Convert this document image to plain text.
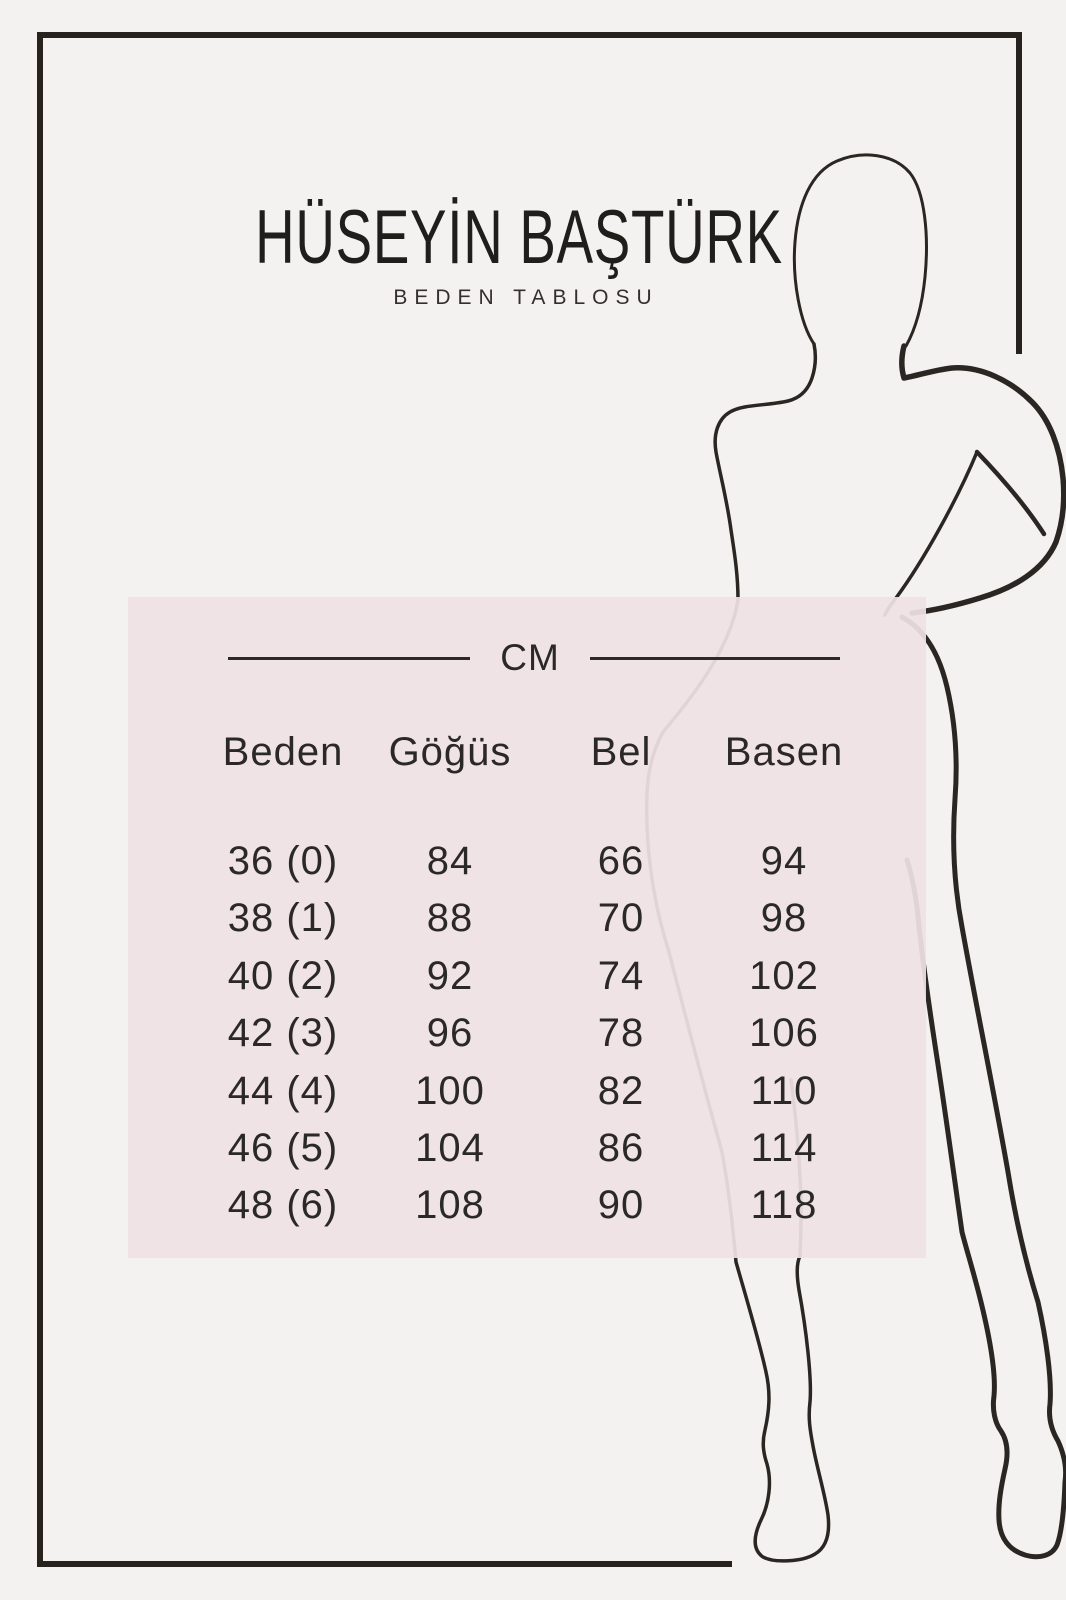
CM
Beden	Göğüs	Bel	Basen
36 (0)	84	66	94
38 (1)	88	70	98
40 (2)	92	74	102
42 (3)	96	78	106
44 (4)	100	82	110
46 (5)	104	86	114
48 (6)	108	90	118
HÜSEYİN BAŞTÜRK
BEDEN TABLOSU
